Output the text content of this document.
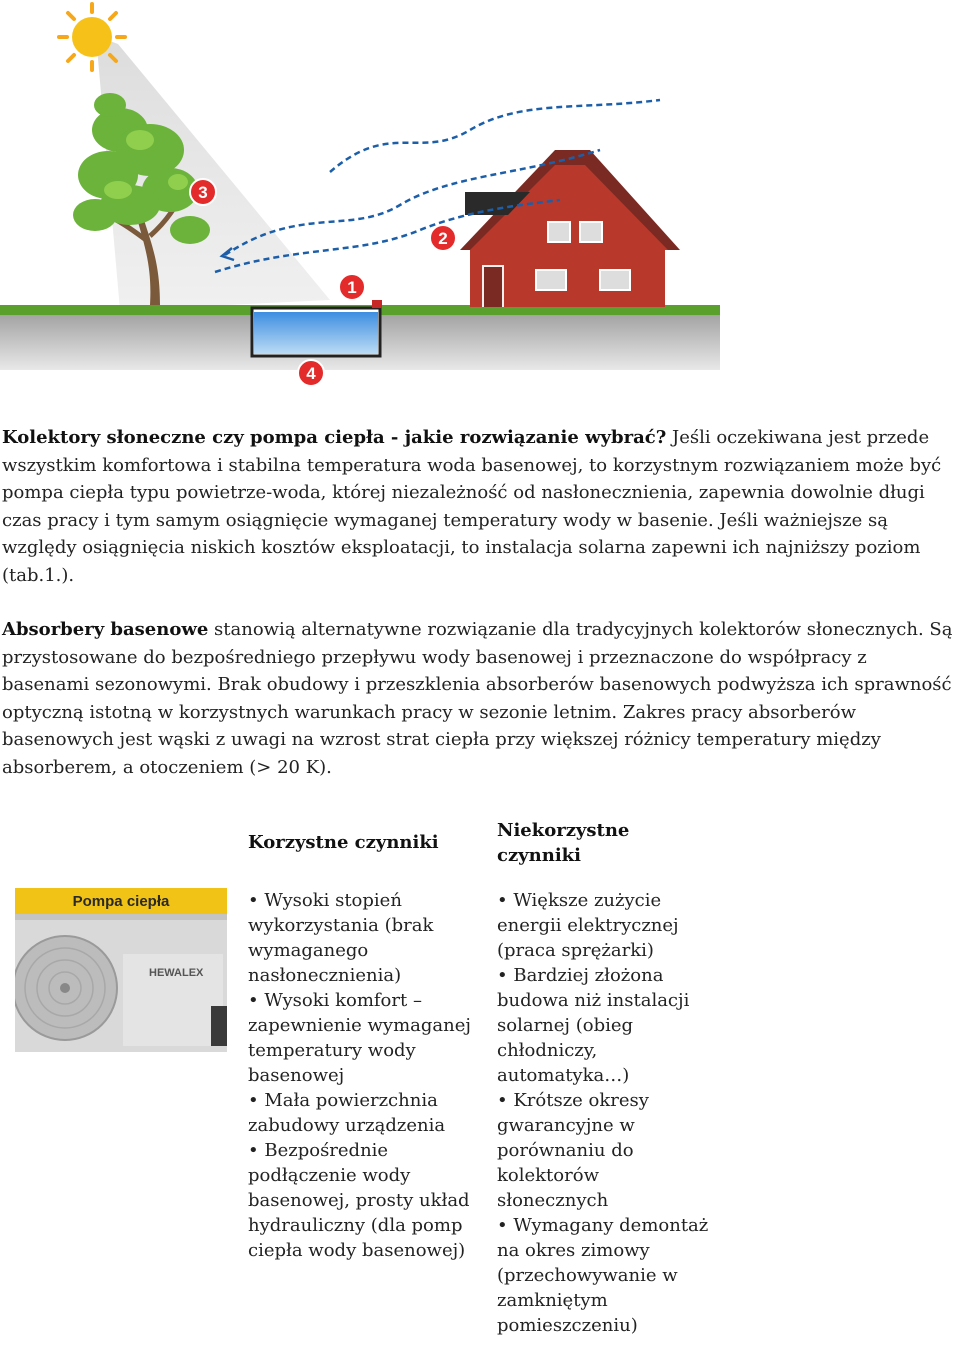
1
2
3
4

Kolektory słoneczne czy pompa ciepła - jakie rozwiązanie wybrać? Jeśli oczekiwana jest przede wszystkim komfortowa i stabilna temperatura woda basenowej, to korzystnym rozwiązaniem może być pompa ciepła typu powietrze-woda, której niezależność od nasłonecznienia, zapewnia dowolnie długi czas pracy i tym samym osiągnięcie wymaganej temperatury wody w basenie. Jeśli ważniejsze są względy osiągnięcia niskich kosztów eksploatacji, to instalacja solarna zapewni ich najniższy poziom (tab.1.).

Absorbery basenowe stanowią alternatywne rozwiązanie dla tradycyjnych kolektorów słonecznych. Są przystosowane do bezpośredniego przepływu wody basenowej i przeznaczone do współpracy z basenami sezonowymi. Brak obudowy i przeszklenia absorberów basenowych podwyższa ich sprawność optyczną istotną w korzystnych warunkach pracy w sezonie letnim. Zakres pracy absorberów basenowych jest wąski z uwagi na wzrost strat ciepła przy większej różnicy temperatury między absorberem, a otoczeniem (> 20 K).

Pompa ciepła
HEWALEX
Korzystne czynniki
• Wysoki stopień wykorzystania (brak wymaganego nasłonecznienia)
• Wysoki komfort – zapewnienie wymaganej temperatury wody basenowej
• Mała powierzchnia zabudowy urządzenia
• Bezpośrednie podłączenie wody basenowej, prosty układ hydrauliczny (dla pomp ciepła wody basenowej)
Niekorzystne czynniki
• Większe zużycie energii elektrycznej (praca sprężarki)
• Bardziej złożona budowa niż instalacji solarnej (obieg chłodniczy, automatyka…)
• Krótsze okresy gwarancyjne w porównaniu do kolektorów słonecznych
• Wymagany demontaż na okres zimowy (przechowywanie w zamkniętym pomieszczeniu)
